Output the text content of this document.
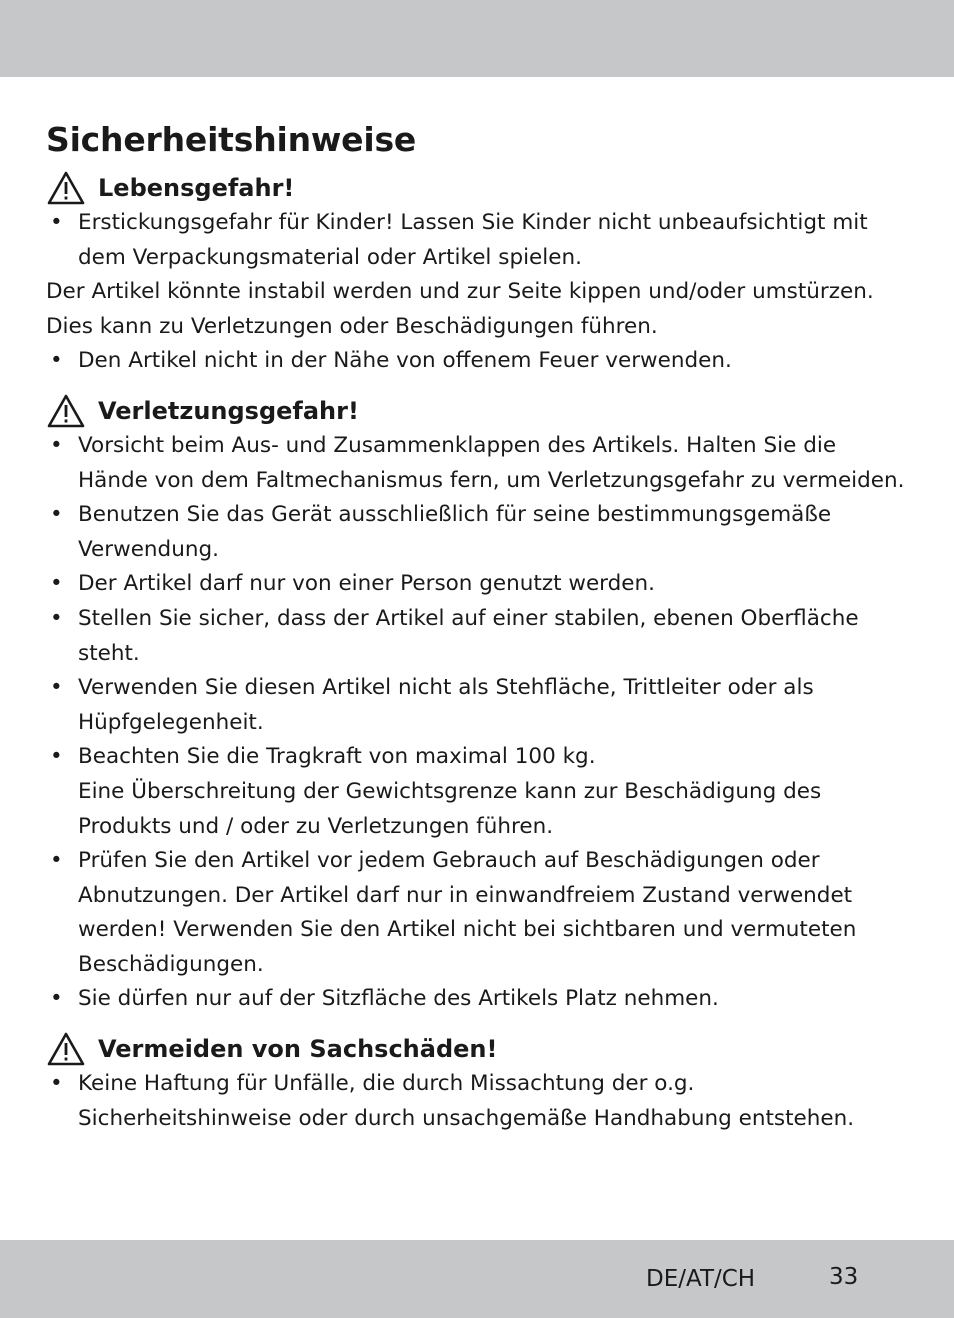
Sicherheitshinweise
Lebensgefahr!
• Erstickungsgefahr für Kinder! Lassen Sie Kinder nicht unbeaufsichtigt mit dem Verpackungsmaterial oder Artikel spielen.

Der Artikel könnte instabil werden und zur Seite kippen und/oder umstürzen. Dies kann zu Verletzungen oder Beschädigungen führen.

• Den Artikel nicht in der Nähe von offenem Feuer verwenden.
Verletzungsgefahr!
• Vorsicht beim Aus- und Zusammenklappen des Artikels. Halten Sie die Hände von dem Faltmechanismus fern, um Verletzungsgefahr zu vermeiden.
• Benutzen Sie das Gerät ausschließlich für seine bestimmungsgemäße Verwendung.
• Der Artikel darf nur von einer Person genutzt werden.
• Stellen Sie sicher, dass der Artikel auf einer stabilen, ebenen Oberfläche steht.
• Verwenden Sie diesen Artikel nicht als Stehfläche, Trittleiter oder als Hüpfgelegenheit.
• Beachten Sie die Tragkraft von maximal 100 kg.
Eine Überschreitung der Gewichtsgrenze kann zur Beschädigung des Produkts und / oder zu Verletzungen führen.
• Prüfen Sie den Artikel vor jedem Gebrauch auf Beschädigungen oder Abnutzungen. Der Artikel darf nur in einwandfreiem Zustand verwendet werden! Verwenden Sie den Artikel nicht bei sichtbaren und vermuteten Beschädigungen.
• Sie dürfen nur auf der Sitzfläche des Artikels Platz nehmen.
Vermeiden von Sachschäden!
• Keine Haftung für Unfälle, die durch Missachtung der o.g. Sicherheitshinweise oder durch unsachgemäße Handhabung entstehen.
DE/AT/CH	33
